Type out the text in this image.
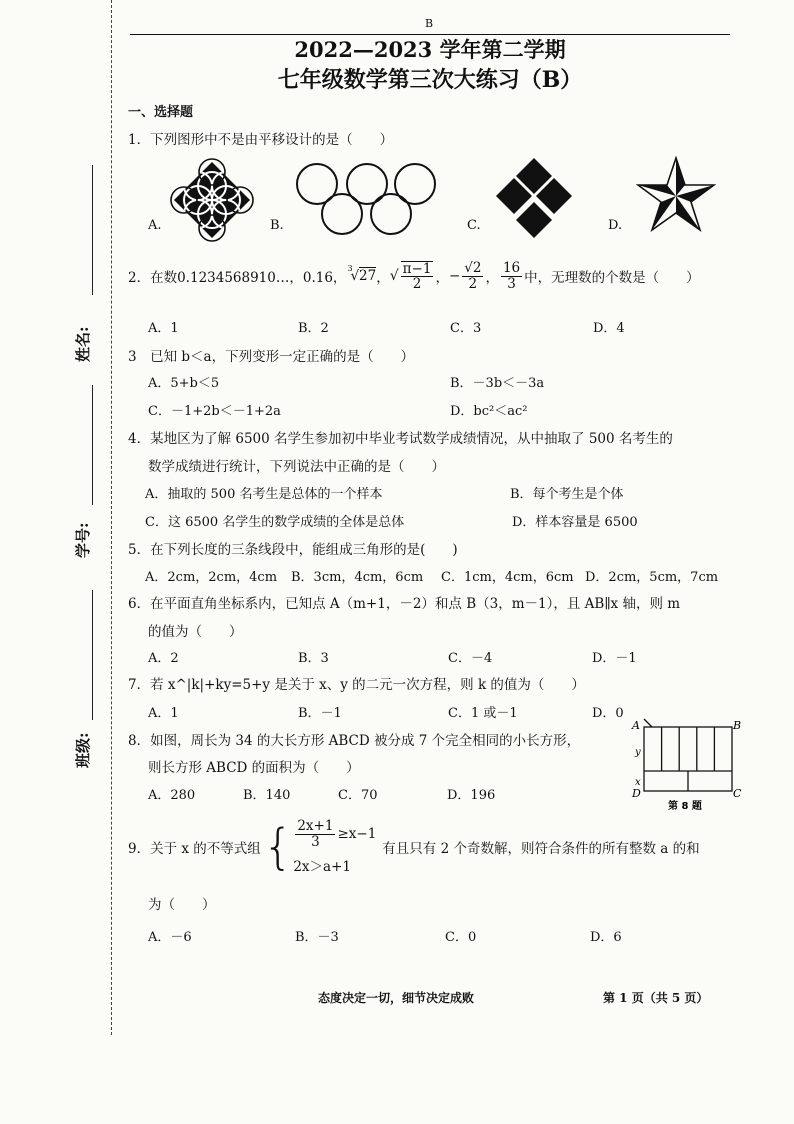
姓名:
学号:
班级:
B
2022—2023 学年第二学期
七年级数学第三次大练习（B）
一、选择题
1．下列图形中不是由平移设计的是（　　）
A.	B.	C.	D.
2．在数 0.1234568910…，0.16，
3
√27 ， √ $\frac{\pi-1}{2}$ ， − $\frac{√2}{2}$ ， $\frac{16}{3}$ 中，无理数的个数是（　　）
A．1	B．2	C．3	D．4
3　已知 b＜a，下列变形一定正确的是（　　）
A．5+b＜5	B．－3b＜－3a
C．－1+2b＜－1+2a	D．bc²＜ac²
4．某地区为了解 6500 名学生参加初中毕业考试数学成绩情况，从中抽取了 500 名考生的
数学成绩进行统计，下列说法中正确的是（　　）
A．抽取的 500 名考生是总体的一个样本	B．每个考生是个体
C．这 6500 名学生的数学成绩的全体是总体	D．样本容量是 6500
5．在下列长度的三条线段中，能组成三角形的是(　　)
A．2cm，2cm，4cm B．3cm，4cm，6cm C．1cm，4cm，6cm D．2cm，5cm，7cm
6．在平面直角坐标系内，已知点 A（m+1，－2）和点 B（3，m－1），且 AB∥x 轴，则 m
的值为（　　）
A．2	B．3	C．－4	D．－1
7．若 x^|k|+ky=5+y 是关于 x、y 的二元一次方程，则 k 的值为（　　）
A．1	B．－1	C．1 或－1	D．0
8．如图，周长为 34 的大长方形 ABCD 被分成 7 个完全相同的小长方形，
则长方形 ABCD 的面积为（　　）
A．280	B．140	C．70	D．196
A	B
D	C
y
x
第 8 题
9．关于 x 的不等式组 { $\frac{2x+1}{3} \ge x-1$
2x＞a+1
有且只有 2 个奇数解，则符合条件的所有整数 a 的和
为（　　）
A．－6	B．－3	C．0	D．6
态度决定一切，细节决定成败	第 1 页（共 5 页）
